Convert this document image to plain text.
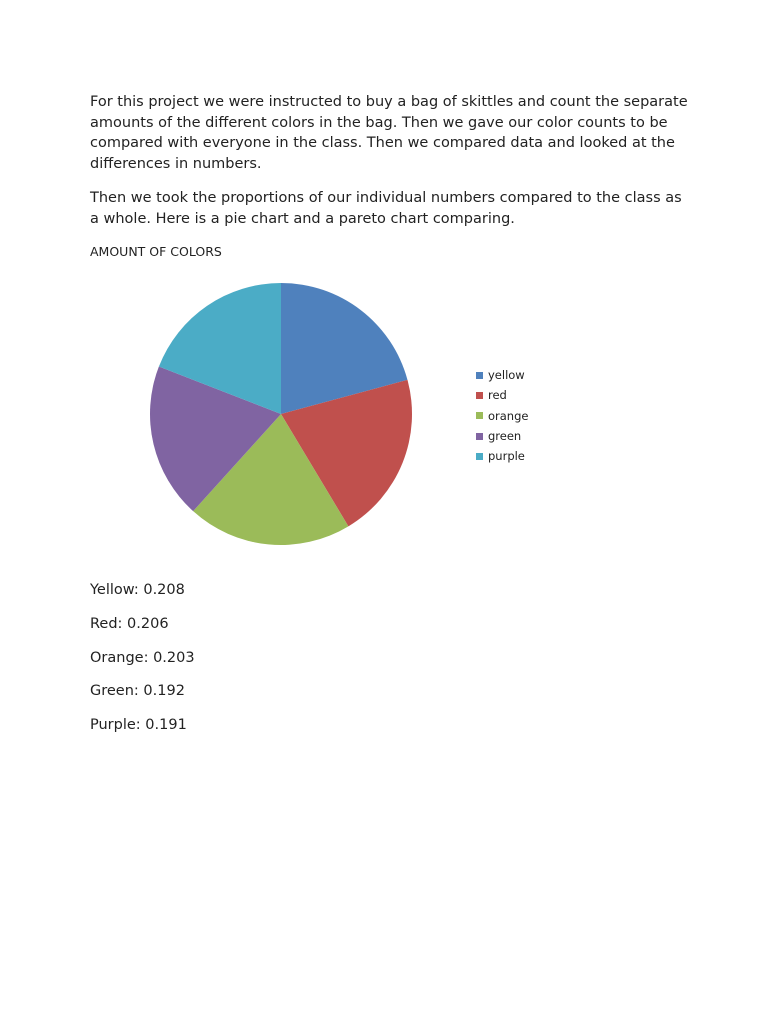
For this project we were instructed to buy a bag of skittles and count the separate amounts of the different colors in the bag. Then we gave our color counts to be compared with everyone in the class. Then we compared data and looked at the differences in numbers.

Then we took the proportions of our individual numbers compared to the class as a whole. Here is a pie chart and a pareto chart comparing.

AMOUNT OF COLORS

yellow
red
orange
green
purple
Yellow: 0.208
Red: 0.206
Orange: 0.203
Green: 0.192
Purple: 0.191
